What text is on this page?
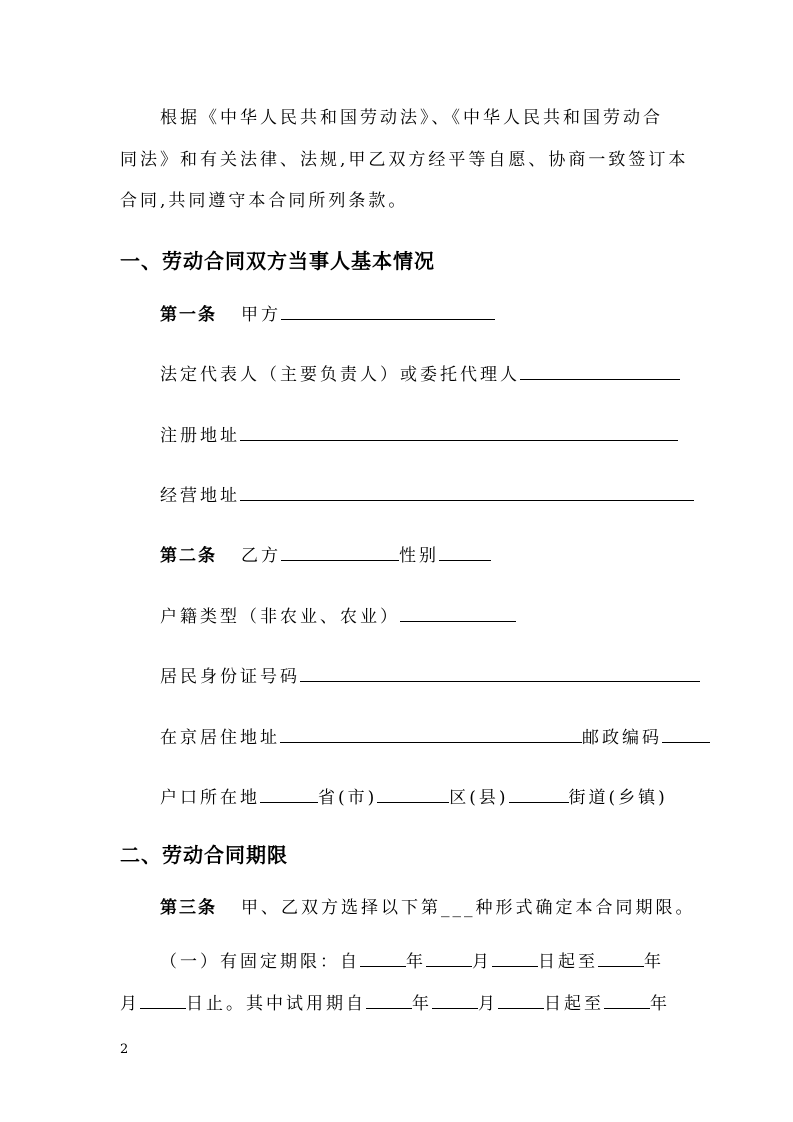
根据《中华人民共和国劳动法》、《中华人民共和国劳动合
同法》和有关法律、法规,甲乙双方经平等自愿、协商一致签订本
合同,共同遵守本合同所列条款。
一、劳动合同双方当事人基本情况
第一条 甲方
法定代表人（主要负责人）或委托代理人
注册地址
经营地址
第二条 乙方	性别
户籍类型（非农业、农业）
居民身份证号码
在京居住地址	邮政编码
户口所在地	省(市)	区(县)	街道(乡镇)
二、劳动合同期限
第三条 甲、乙双方选择以下第___种形式确定本合同期限。
（一）有固定期限：自	年	月	日起至	年
月	日止。其中试用期自	年	月	日起至	年
2
